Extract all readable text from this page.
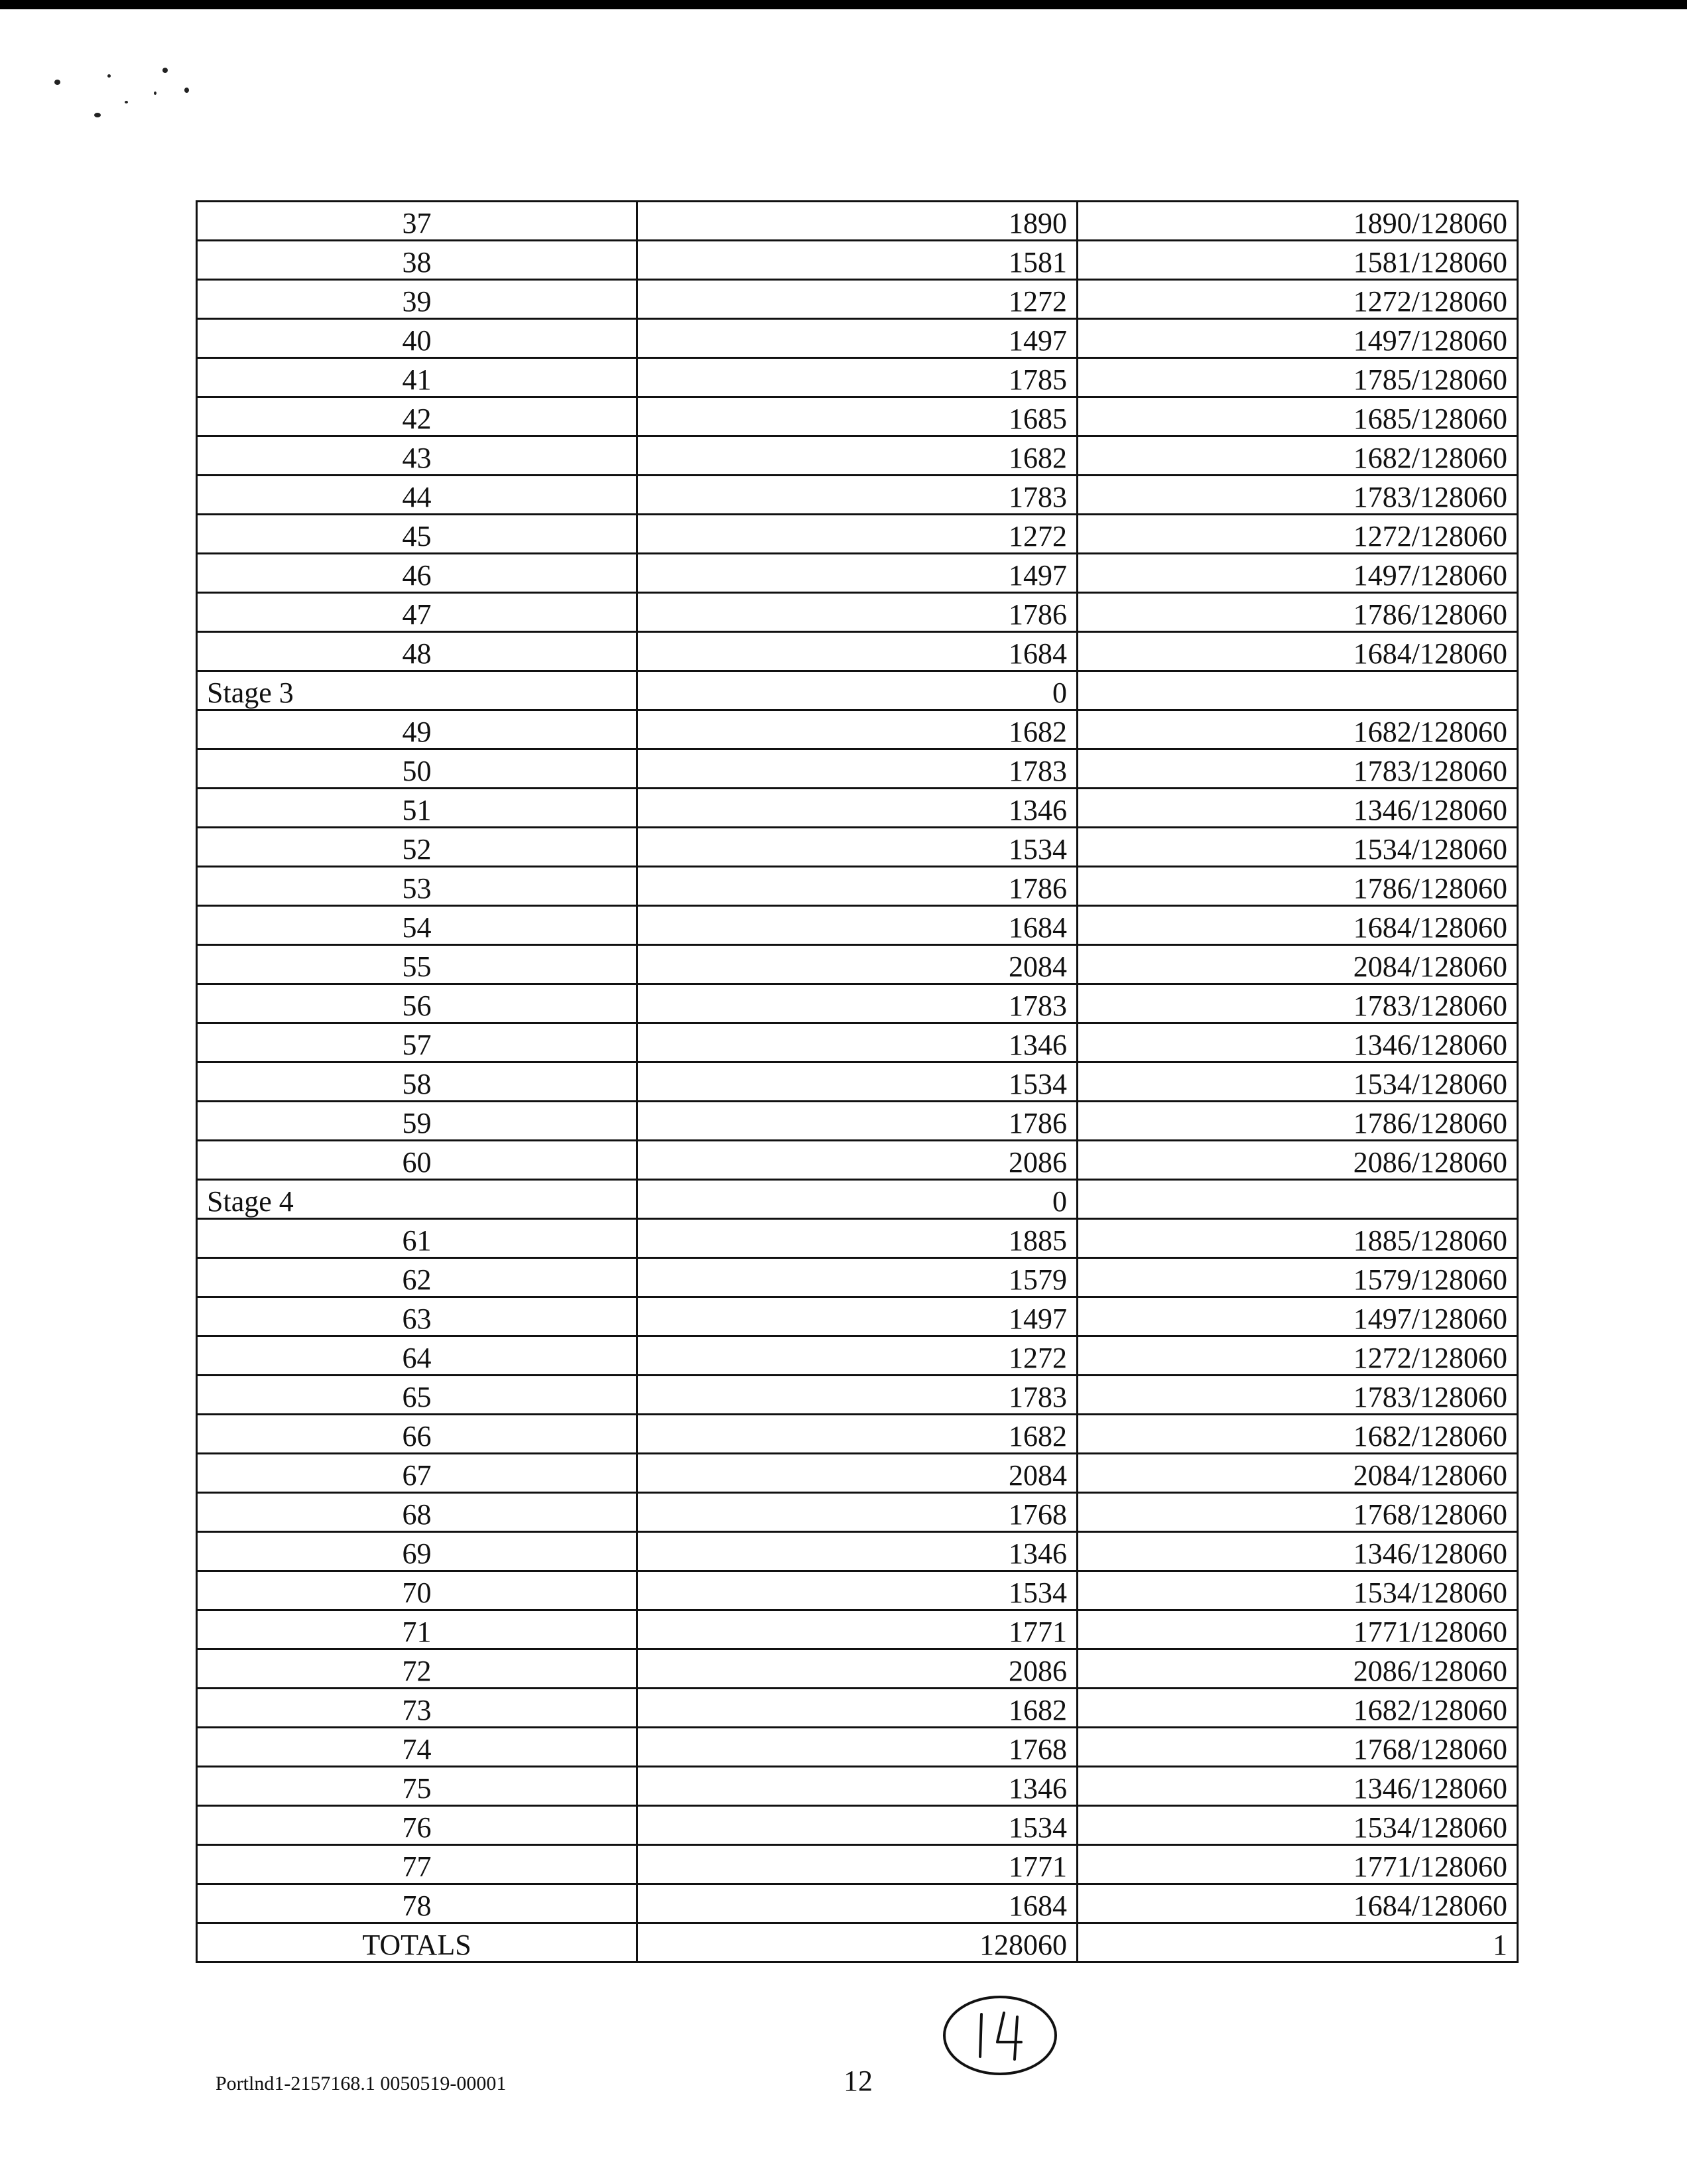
37	1890	1890/128060
38	1581	1581/128060
39	1272	1272/128060
40	1497	1497/128060
41	1785	1785/128060
42	1685	1685/128060
43	1682	1682/128060
44	1783	1783/128060
45	1272	1272/128060
46	1497	1497/128060
47	1786	1786/128060
48	1684	1684/128060
Stage 3	0	
49	1682	1682/128060
50	1783	1783/128060
51	1346	1346/128060
52	1534	1534/128060
53	1786	1786/128060
54	1684	1684/128060
55	2084	2084/128060
56	1783	1783/128060
57	1346	1346/128060
58	1534	1534/128060
59	1786	1786/128060
60	2086	2086/128060
Stage 4	0	
61	1885	1885/128060
62	1579	1579/128060
63	1497	1497/128060
64	1272	1272/128060
65	1783	1783/128060
66	1682	1682/128060
67	2084	2084/128060
68	1768	1768/128060
69	1346	1346/128060
70	1534	1534/128060
71	1771	1771/128060
72	2086	2086/128060
73	1682	1682/128060
74	1768	1768/128060
75	1346	1346/128060
76	1534	1534/128060
77	1771	1771/128060
78	1684	1684/128060
TOTALS	128060	1
Portlnd1-2157168.1 0050519-00001	12
